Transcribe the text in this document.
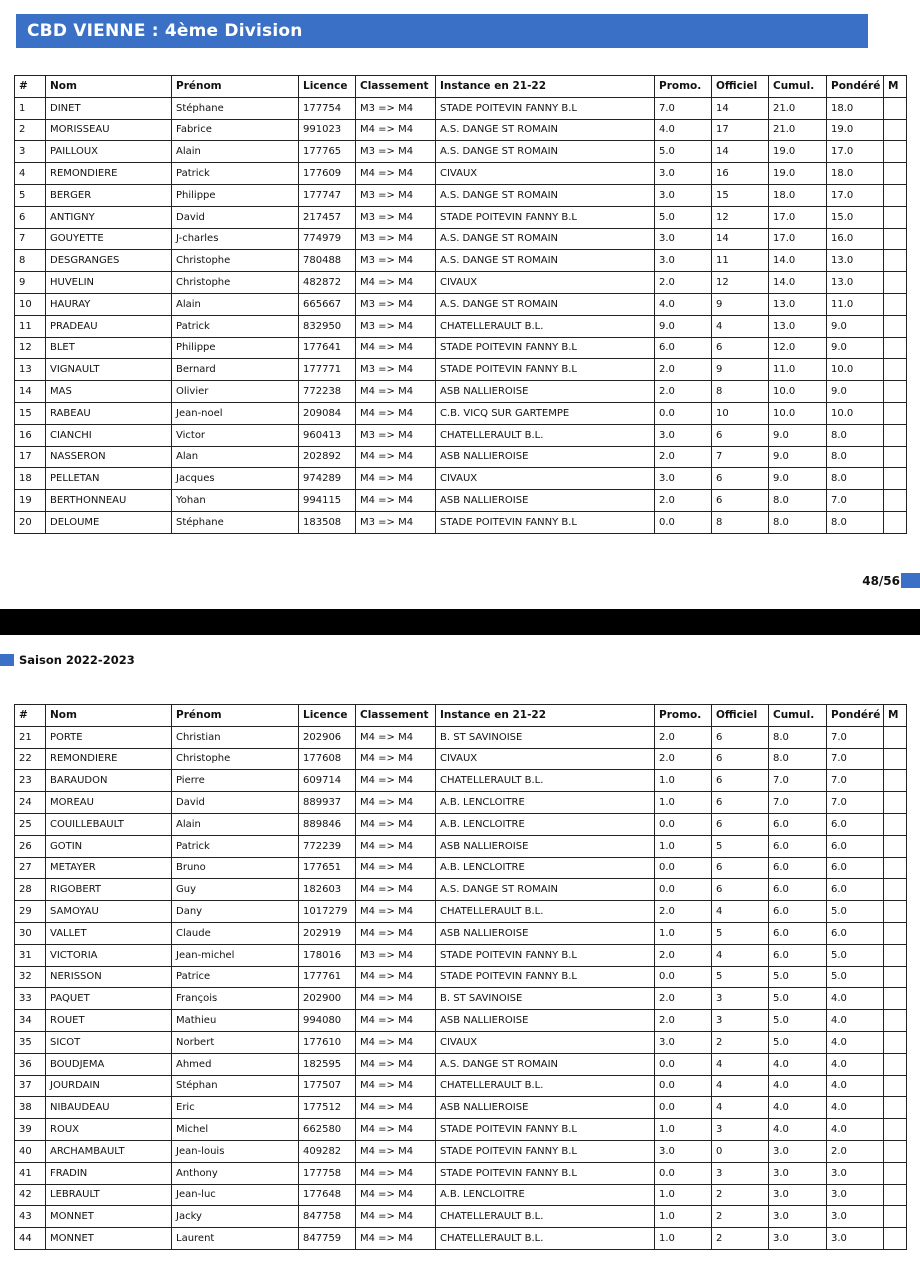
CBD VIENNE : 4ème Division
#	Nom	Prénom	Licence	Classement	Instance en 21-22	Promo.	Officiel	Cumul.	Pondéré	M
1	DINET	Stéphane	177754	M3 => M4	STADE POITEVIN FANNY B.L	7.0	14	21.0	18.0	
2	MORISSEAU	Fabrice	991023	M4 => M4	A.S. DANGE ST ROMAIN	4.0	17	21.0	19.0	
3	PAILLOUX	Alain	177765	M3 => M4	A.S. DANGE ST ROMAIN	5.0	14	19.0	17.0	
4	REMONDIERE	Patrick	177609	M4 => M4	CIVAUX	3.0	16	19.0	18.0	
5	BERGER	Philippe	177747	M3 => M4	A.S. DANGE ST ROMAIN	3.0	15	18.0	17.0	
6	ANTIGNY	David	217457	M3 => M4	STADE POITEVIN FANNY B.L	5.0	12	17.0	15.0	
7	GOUYETTE	J-charles	774979	M3 => M4	A.S. DANGE ST ROMAIN	3.0	14	17.0	16.0	
8	DESGRANGES	Christophe	780488	M3 => M4	A.S. DANGE ST ROMAIN	3.0	11	14.0	13.0	
9	HUVELIN	Christophe	482872	M4 => M4	CIVAUX	2.0	12	14.0	13.0	
10	HAURAY	Alain	665667	M3 => M4	A.S. DANGE ST ROMAIN	4.0	9	13.0	11.0	
11	PRADEAU	Patrick	832950	M3 => M4	CHATELLERAULT B.L.	9.0	4	13.0	9.0	
12	BLET	Philippe	177641	M4 => M4	STADE POITEVIN FANNY B.L	6.0	6	12.0	9.0	
13	VIGNAULT	Bernard	177771	M3 => M4	STADE POITEVIN FANNY B.L	2.0	9	11.0	10.0	
14	MAS	Olivier	772238	M4 => M4	ASB NALLIEROISE	2.0	8	10.0	9.0	
15	RABEAU	Jean-noel	209084	M4 => M4	C.B. VICQ SUR GARTEMPE	0.0	10	10.0	10.0	
16	CIANCHI	Victor	960413	M3 => M4	CHATELLERAULT B.L.	3.0	6	9.0	8.0	
17	NASSERON	Alan	202892	M4 => M4	ASB NALLIEROISE	2.0	7	9.0	8.0	
18	PELLETAN	Jacques	974289	M4 => M4	CIVAUX	3.0	6	9.0	8.0	
19	BERTHONNEAU	Yohan	994115	M4 => M4	ASB NALLIEROISE	2.0	6	8.0	7.0	
20	DELOUME	Stéphane	183508	M3 => M4	STADE POITEVIN FANNY B.L	0.0	8	8.0	8.0	
48/56
Saison 2022-2023
#	Nom	Prénom	Licence	Classement	Instance en 21-22	Promo.	Officiel	Cumul.	Pondéré	M
21	PORTE	Christian	202906	M4 => M4	B. ST SAVINOISE	2.0	6	8.0	7.0	
22	REMONDIERE	Christophe	177608	M4 => M4	CIVAUX	2.0	6	8.0	7.0	
23	BARAUDON	Pierre	609714	M4 => M4	CHATELLERAULT B.L.	1.0	6	7.0	7.0	
24	MOREAU	David	889937	M4 => M4	A.B. LENCLOITRE	1.0	6	7.0	7.0	
25	COUILLEBAULT	Alain	889846	M4 => M4	A.B. LENCLOITRE	0.0	6	6.0	6.0	
26	GOTIN	Patrick	772239	M4 => M4	ASB NALLIEROISE	1.0	5	6.0	6.0	
27	METAYER	Bruno	177651	M4 => M4	A.B. LENCLOITRE	0.0	6	6.0	6.0	
28	RIGOBERT	Guy	182603	M4 => M4	A.S. DANGE ST ROMAIN	0.0	6	6.0	6.0	
29	SAMOYAU	Dany	1017279	M4 => M4	CHATELLERAULT B.L.	2.0	4	6.0	5.0	
30	VALLET	Claude	202919	M4 => M4	ASB NALLIEROISE	1.0	5	6.0	6.0	
31	VICTORIA	Jean-michel	178016	M3 => M4	STADE POITEVIN FANNY B.L	2.0	4	6.0	5.0	
32	NERISSON	Patrice	177761	M4 => M4	STADE POITEVIN FANNY B.L	0.0	5	5.0	5.0	
33	PAQUET	François	202900	M4 => M4	B. ST SAVINOISE	2.0	3	5.0	4.0	
34	ROUET	Mathieu	994080	M4 => M4	ASB NALLIEROISE	2.0	3	5.0	4.0	
35	SICOT	Norbert	177610	M4 => M4	CIVAUX	3.0	2	5.0	4.0	
36	BOUDJEMA	Ahmed	182595	M4 => M4	A.S. DANGE ST ROMAIN	0.0	4	4.0	4.0	
37	JOURDAIN	Stéphan	177507	M4 => M4	CHATELLERAULT B.L.	0.0	4	4.0	4.0	
38	NIBAUDEAU	Eric	177512	M4 => M4	ASB NALLIEROISE	0.0	4	4.0	4.0	
39	ROUX	Michel	662580	M4 => M4	STADE POITEVIN FANNY B.L	1.0	3	4.0	4.0	
40	ARCHAMBAULT	Jean-louis	409282	M4 => M4	STADE POITEVIN FANNY B.L	3.0	0	3.0	2.0	
41	FRADIN	Anthony	177758	M4 => M4	STADE POITEVIN FANNY B.L	0.0	3	3.0	3.0	
42	LEBRAULT	Jean-luc	177648	M4 => M4	A.B. LENCLOITRE	1.0	2	3.0	3.0	
43	MONNET	Jacky	847758	M4 => M4	CHATELLERAULT B.L.	1.0	2	3.0	3.0	
44	MONNET	Laurent	847759	M4 => M4	CHATELLERAULT B.L.	1.0	2	3.0	3.0	
